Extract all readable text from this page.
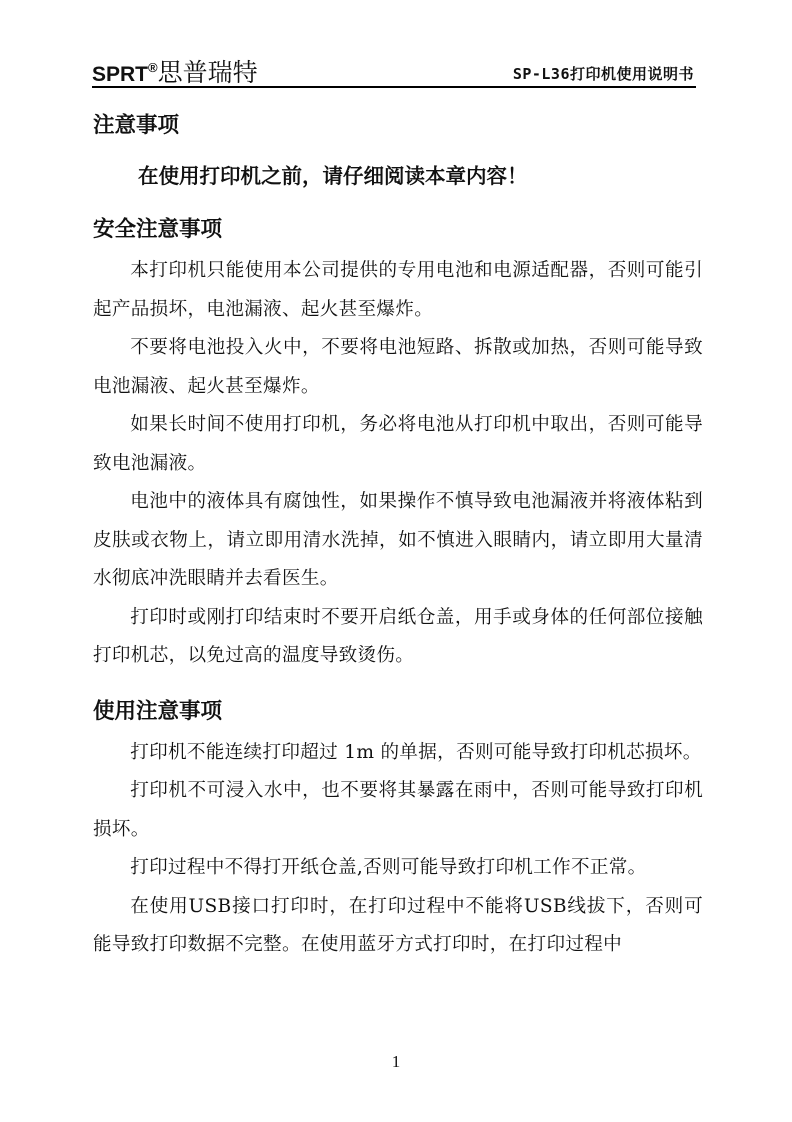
SPRT®思普瑞特	SP-L36打印机使用说明书
注意事项
在使用打印机之前，请仔细阅读本章内容！
安全注意事项

本打印机只能使用本公司提供的专用电池和电源适配器，否则可能引起产品损坏，电池漏液、起火甚至爆炸。

不要将电池投入火中，不要将电池短路、拆散或加热，否则可能导致电池漏液、起火甚至爆炸。

如果长时间不使用打印机，务必将电池从打印机中取出，否则可能导致电池漏液。

电池中的液体具有腐蚀性，如果操作不慎导致电池漏液并将液体粘到皮肤或衣物上，请立即用清水洗掉，如不慎进入眼睛内，请立即用大量清水彻底冲洗眼睛并去看医生。

打印时或刚打印结束时不要开启纸仓盖，用手或身体的任何部位接触打印机芯，以免过高的温度导致烫伤。

使用注意事项

打印机不能连续打印超过 1m 的单据，否则可能导致打印机芯损坏。

打印机不可浸入水中，也不要将其暴露在雨中，否则可能导致打印机损坏。

打印过程中不得打开纸仓盖,否则可能导致打印机工作不正常。

在使用USB接口打印时，在打印过程中不能将USB线拔下，否则可能导致打印数据不完整。在使用蓝牙方式打印时，在打印过程中

1
